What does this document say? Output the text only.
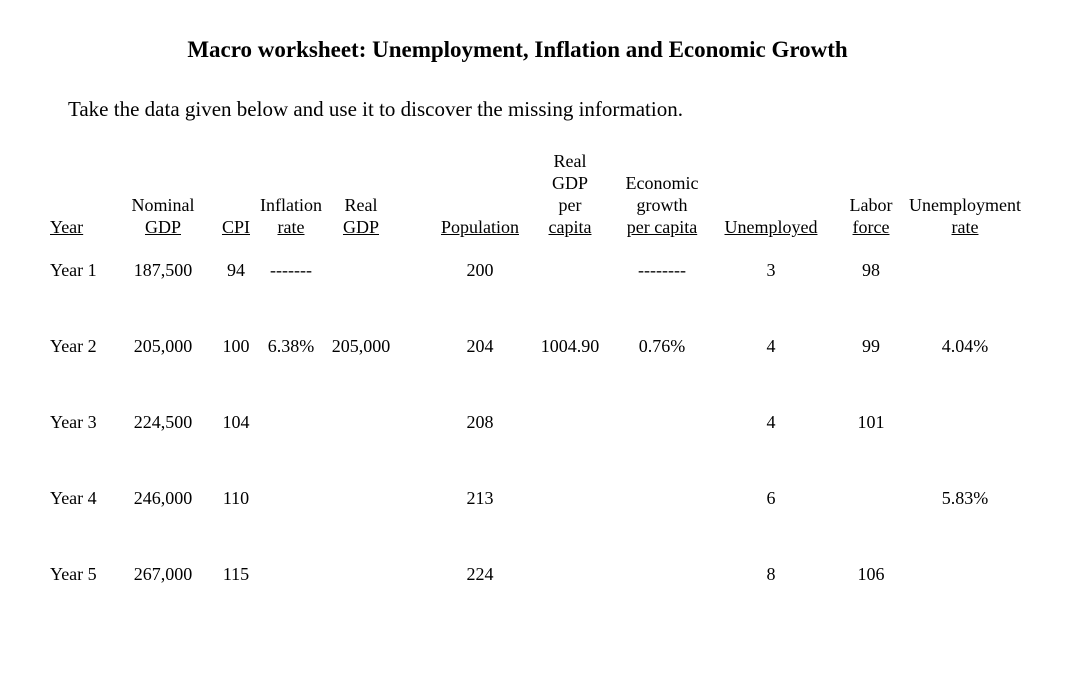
Macro worksheet: Unemployment, Inflation and Economic Growth
Take the data given below and use it to discover the missing information.
Year
Year 1
Year 2
Year 3
Year 4
Year 5
Nominal
GDP
187,500
205,000
224,500
246,000
267,000
CPI
94
100
104
110
115
Inflation
rate
-------
6.38%
Real
GDP
205,000
Population
200
204
208
213
224
Real
GDP
per
capita
1004.90
Economic
growth
per capita
--------
0.76%
Unemployed
3
4
4
6
8
Labor
force
98
99
101
106
Unemployment
rate
4.04%
5.83%
